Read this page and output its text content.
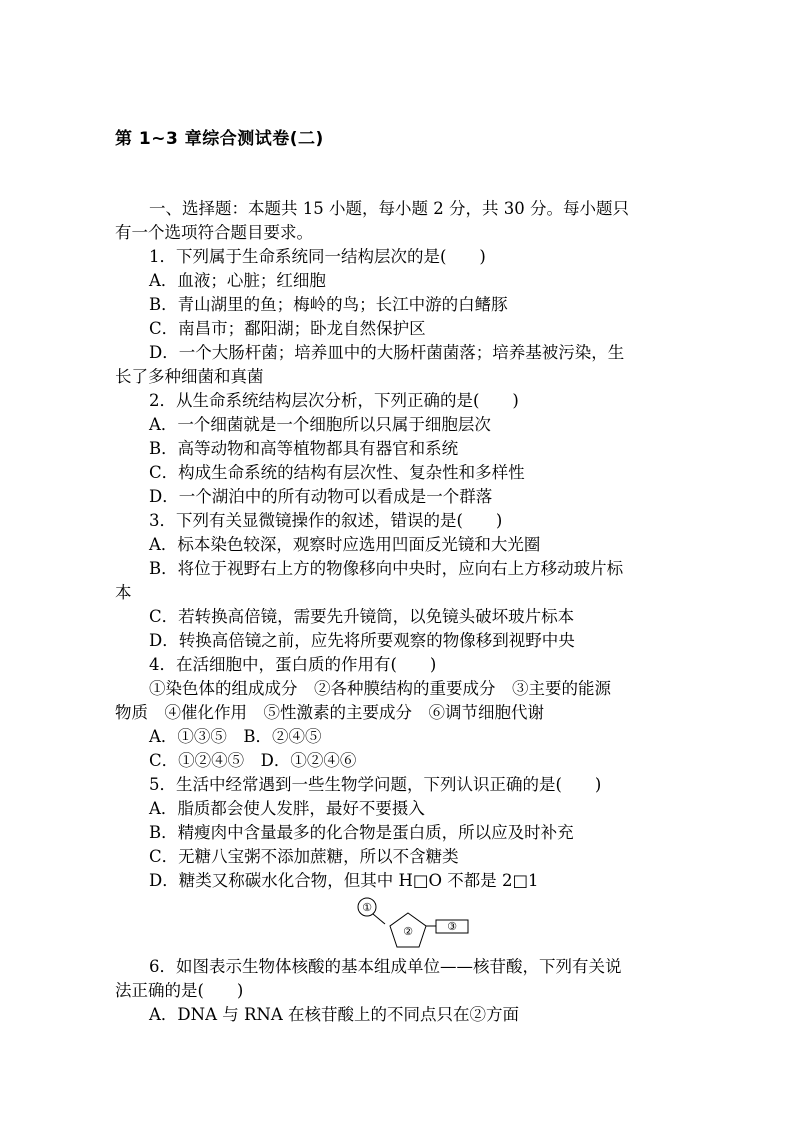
第 1~3 章综合测试卷(二)
一、选择题：本题共 15 小题，每小题 2 分，共 30 分。每小题只
有一个选项符合题目要求。
1．下列属于生命系统同一结构层次的是(　　)
A．血液；心脏；红细胞
B．青山湖里的鱼；梅岭的鸟；长江中游的白鳍豚
C．南昌市；鄱阳湖；卧龙自然保护区
D．一个大肠杆菌；培养皿中的大肠杆菌菌落；培养基被污染，生
长了多种细菌和真菌
2．从生命系统结构层次分析，下列正确的是(　　)
A．一个细菌就是一个细胞所以只属于细胞层次
B．高等动物和高等植物都具有器官和系统
C．构成生命系统的结构有层次性、复杂性和多样性
D．一个湖泊中的所有动物可以看成是一个群落
3．下列有关显微镜操作的叙述，错误的是(　　)
A．标本染色较深，观察时应选用凹面反光镜和大光圈
B．将位于视野右上方的物像移向中央时，应向右上方移动玻片标
本
C．若转换高倍镜，需要先升镜筒，以免镜头破坏玻片标本
D．转换高倍镜之前，应先将所要观察的物像移到视野中央
4．在活细胞中，蛋白质的作用有(　　)
①染色体的组成成分　②各种膜结构的重要成分　③主要的能源
物质　④催化作用　⑤性激素的主要成分　⑥调节细胞代谢
A．①③⑤　B．②④⑤
C．①②④⑤　D．①②④⑥
5．生活中经常遇到一些生物学问题，下列认识正确的是(　　)
A．脂质都会使人发胖，最好不要摄入
B．精瘦肉中含量最多的化合物是蛋白质，所以应及时补充
C．无糖八宝粥不添加蔗糖，所以不含糖类
D．糖类又称碳水化合物，但其中 H□O 不都是 2□1
①
②	③
6．如图表示生物体核酸的基本组成单位——核苷酸，下列有关说
法正确的是(　　)
A．DNA 与 RNA 在核苷酸上的不同点只在②方面
